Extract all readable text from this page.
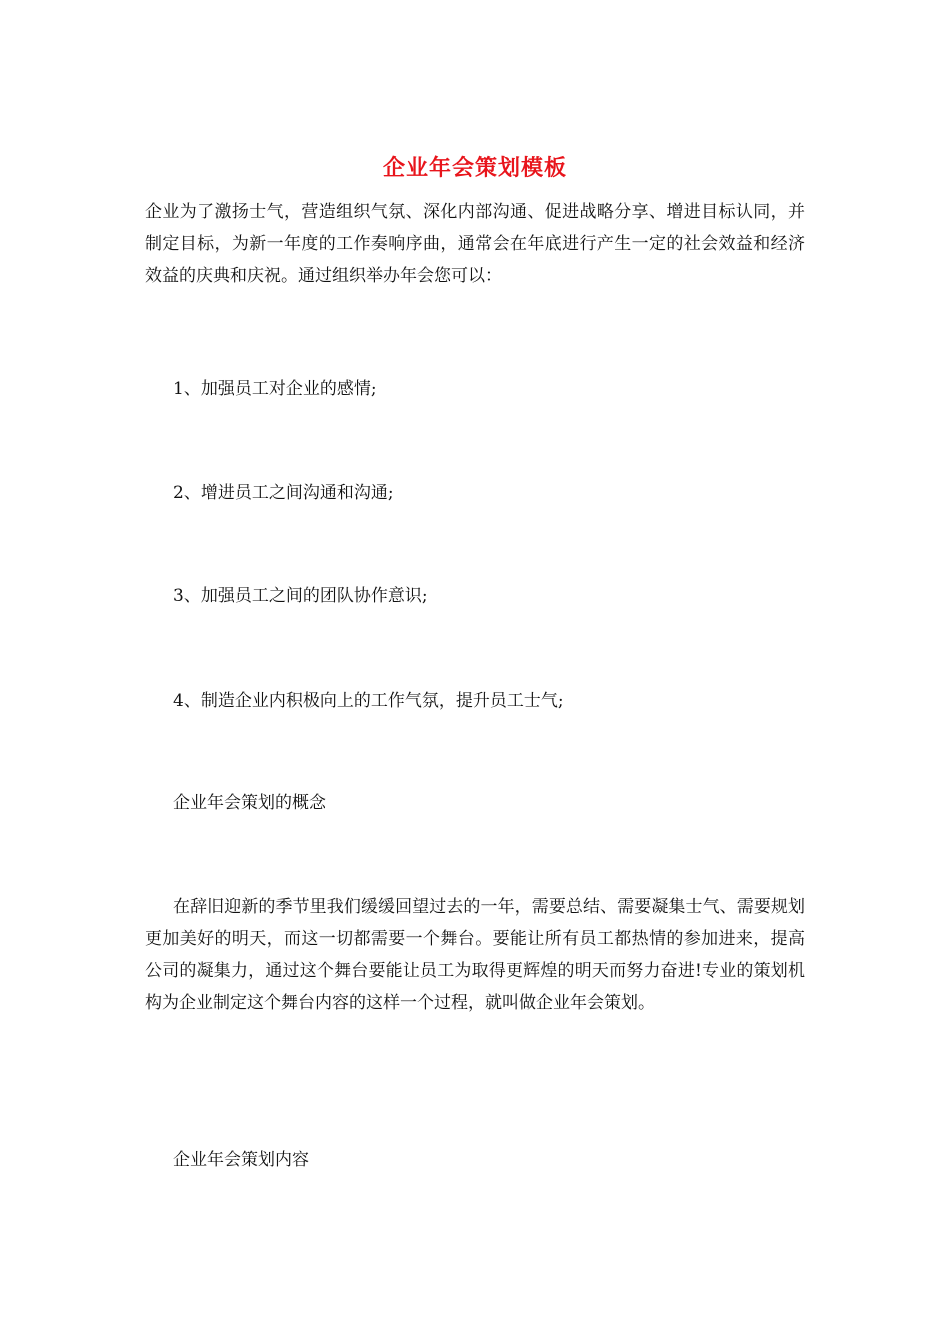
企业年会策划模板

企业为了激扬士气，营造组织气氛、深化内部沟通、促进战略分享、增进目标认同，并制定目标，为新一年度的工作奏响序曲，通常会在年底进行产生一定的社会效益和经济效益的庆典和庆祝。通过组织举办年会您可以：

1、加强员工对企业的感情;
2、增进员工之间沟通和沟通;
3、加强员工之间的团队协作意识;
4、制造企业内积极向上的工作气氛，提升员工士气;
企业年会策划的概念

在辞旧迎新的季节里我们缓缓回望过去的一年，需要总结、需要凝集士气、需要规划更加美好的明天，而这一切都需要一个舞台。要能让所有员工都热情的参加进来，提高公司的凝集力，通过这个舞台要能让员工为取得更辉煌的明天而努力奋进!专业的策划机构为企业制定这个舞台内容的这样一个过程，就叫做企业年会策划。

企业年会策划内容
